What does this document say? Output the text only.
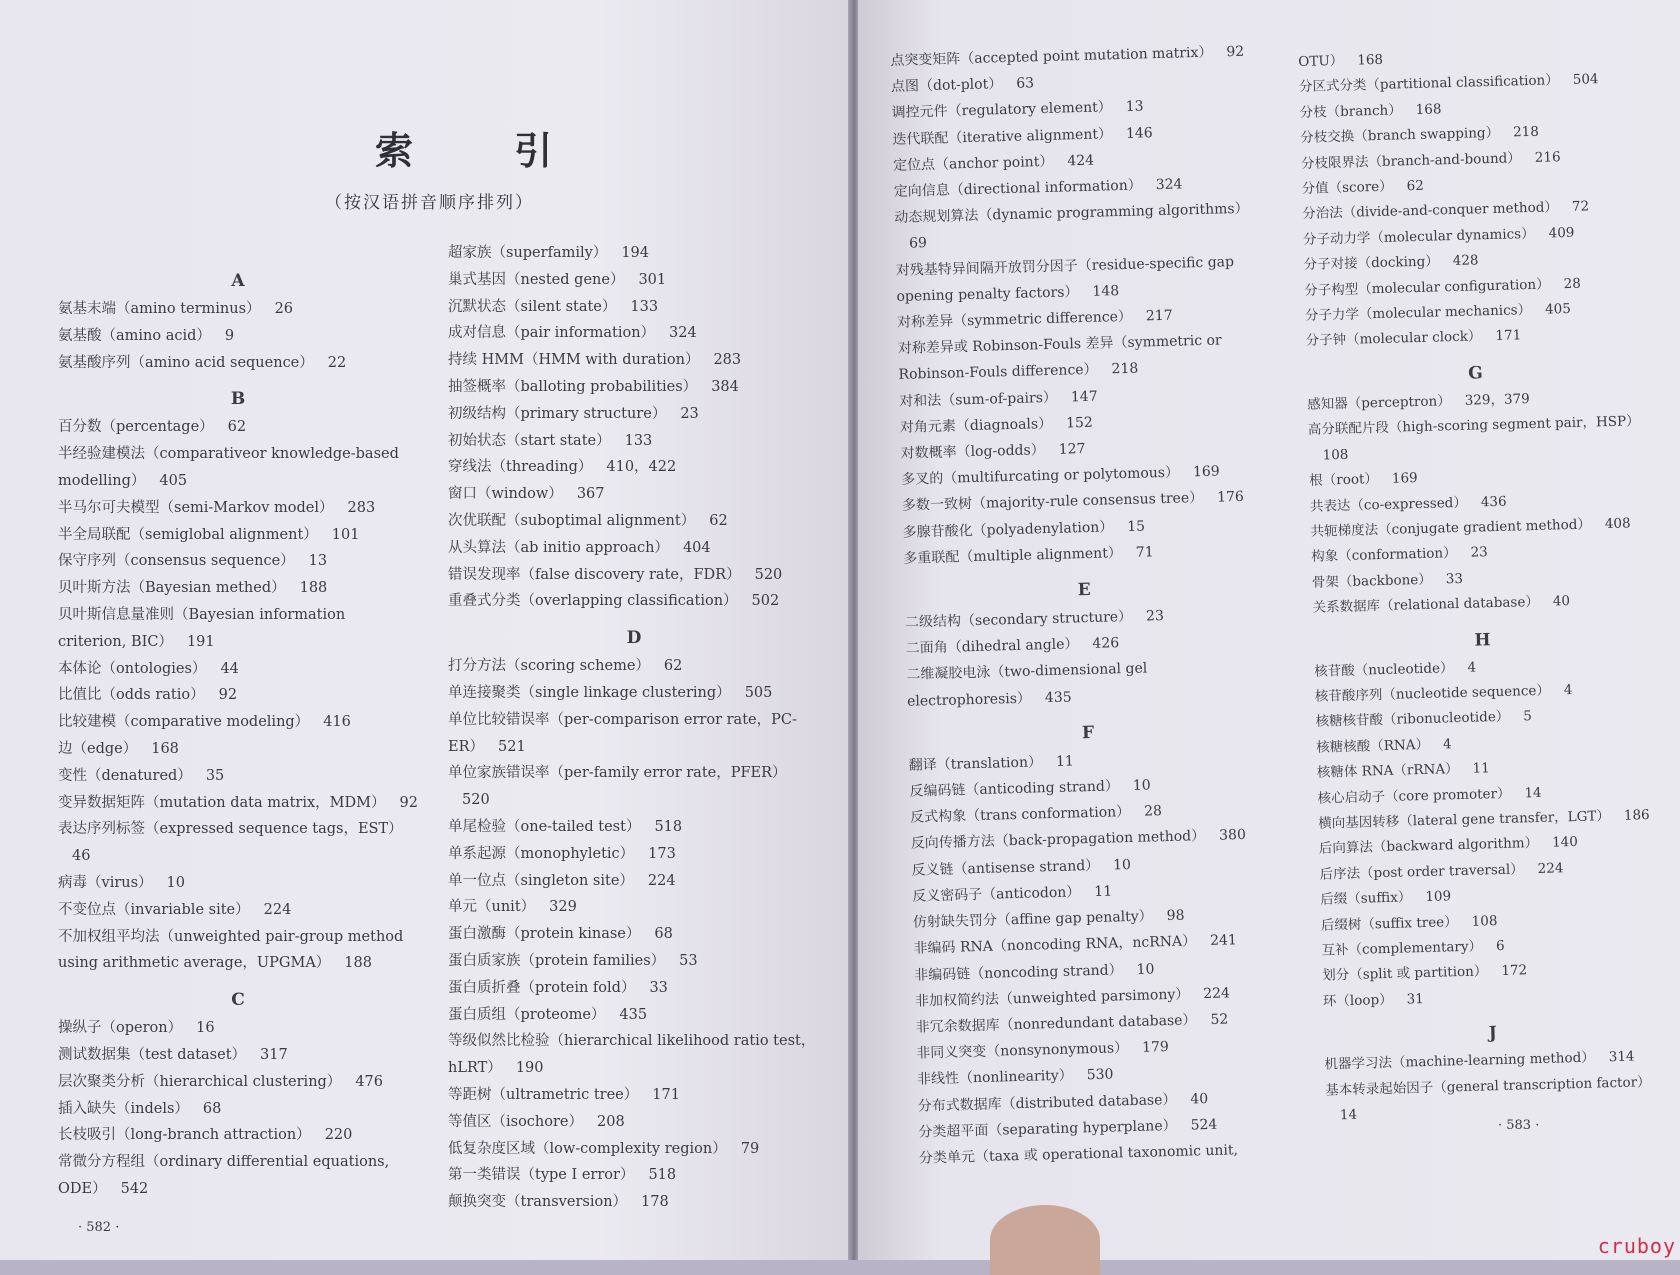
索 引
（按汉语拼音顺序排列）
A
氨基末端（amino terminus） 26
氨基酸（amino acid） 9
氨基酸序列（amino acid sequence） 22
B
百分数（percentage） 62
半经验建模法（comparativeor knowledge-based modelling） 405
半马尔可夫模型（semi-Markov model） 283
半全局联配（semiglobal alignment） 101
保守序列（consensus sequence） 13
贝叶斯方法（Bayesian methed） 188
贝叶斯信息量准则（Bayesian information criterion, BIC） 191
本体论（ontologies） 44
比值比（odds ratio） 92
比较建模（comparative modeling） 416
边（edge） 168
变性（denatured） 35
变异数据矩阵（mutation data matrix，MDM） 92
表达序列标签（expressed sequence tags，EST）46
病毒（virus） 10
不变位点（invariable site） 224
不加权组平均法（unweighted pair-group method using arithmetic average，UPGMA） 188
C
操纵子（operon） 16
测试数据集（test dataset） 317
层次聚类分析（hierarchical clustering） 476
插入缺失（indels） 68
长枝吸引（long-branch attraction） 220
常微分方程组（ordinary differential equations, ODE） 542
超家族（superfamily） 194
巢式基因（nested gene） 301
沉默状态（silent state） 133
成对信息（pair information） 324
持续 HMM（HMM with duration） 283
抽签概率（balloting probabilities） 384
初级结构（primary structure） 23
初始状态（start state） 133
穿线法（threading） 410，422
窗口（window） 367
次优联配（suboptimal alignment） 62
从头算法（ab initio approach） 404
错误发现率（false discovery rate，FDR） 520
重叠式分类（overlapping classification） 502
D
打分方法（scoring scheme） 62
单连接聚类（single linkage clustering） 505
单位比较错误率（per-comparison error rate，PC-ER） 521
单位家族错误率（per-family error rate，PFER）520
单尾检验（one-tailed test） 518
单系起源（monophyletic） 173
单一位点（singleton site） 224
单元（unit） 329
蛋白激酶（protein kinase） 68
蛋白质家族（protein families） 53
蛋白质折叠（protein fold） 33
蛋白质组（proteome） 435
等级似然比检验（hierarchical likelihood ratio test，hLRT） 190
等距树（ultrametric tree） 171
等值区（isochore） 208
低复杂度区域（low-complexity region） 79
第一类错误（type I error） 518
颠换突变（transversion） 178
· 582 ·
点突变矩阵（accepted point mutation matrix） 92
点图（dot-plot） 63
调控元件（regulatory element） 13
迭代联配（iterative alignment） 146
定位点（anchor point） 424
定向信息（directional information） 324
动态规划算法（dynamic programming algorithms）69
对残基特异间隔开放罚分因子（residue-specific gap opening penalty factors） 148
对称差异（symmetric difference） 217
对称差异或 Robinson-Fouls 差异（symmetric or Robinson-Fouls difference） 218
对和法（sum-of-pairs） 147
对角元素（diagnoals） 152
对数概率（log-odds） 127
多叉的（multifurcating or polytomous） 169
多数一致树（majority-rule consensus tree） 176
多腺苷酸化（polyadenylation） 15
多重联配（multiple alignment） 71
E
二级结构（secondary structure） 23
二面角（dihedral angle） 426
二维凝胶电泳（two-dimensional gel electrophoresis） 435
F
翻译（translation） 11
反编码链（anticoding strand） 10
反式构象（trans conformation） 28
反向传播方法（back-propagation method） 380
反义链（antisense strand） 10
反义密码子（anticodon） 11
仿射缺失罚分（affine gap penalty） 98
非编码 RNA（noncoding RNA，ncRNA） 241
非编码链（noncoding strand） 10
非加权简约法（unweighted parsimony） 224
非冗余数据库（nonredundant database） 52
非同义突变（nonsynonymous） 179
非线性（nonlinearity） 530
分布式数据库（distributed database） 40
分类超平面（separating hyperplane） 524
分类单元（taxa 或 operational taxonomic unit,
OTU） 168
分区式分类（partitional classification） 504
分枝（branch） 168
分枝交换（branch swapping） 218
分枝限界法（branch-and-bound） 216
分值（score） 62
分治法（divide-and-conquer method） 72
分子动力学（molecular dynamics） 409
分子对接（docking） 428
分子构型（molecular configuration） 28
分子力学（molecular mechanics） 405
分子钟（molecular clock） 171
G
感知器（perceptron） 329，379
高分联配片段（high-scoring segment pair，HSP）108
根（root） 169
共表达（co-expressed） 436
共轭梯度法（conjugate gradient method） 408
构象（conformation） 23
骨架（backbone） 33
关系数据库（relational database） 40
H
核苷酸（nucleotide） 4
核苷酸序列（nucleotide sequence） 4
核糖核苷酸（ribonucleotide） 5
核糖核酸（RNA） 4
核糖体 RNA（rRNA） 11
核心启动子（core promoter） 14
横向基因转移（lateral gene transfer，LGT） 186
后向算法（backward algorithm） 140
后序法（post order traversal） 224
后缀（suffix） 109
后缀树（suffix tree） 108
互补（complementary） 6
划分（split 或 partition） 172
环（loop） 31
J
机器学习法（machine-learning method） 314
基本转录起始因子（general transcription factor）14
· 583 ·
cruboy
